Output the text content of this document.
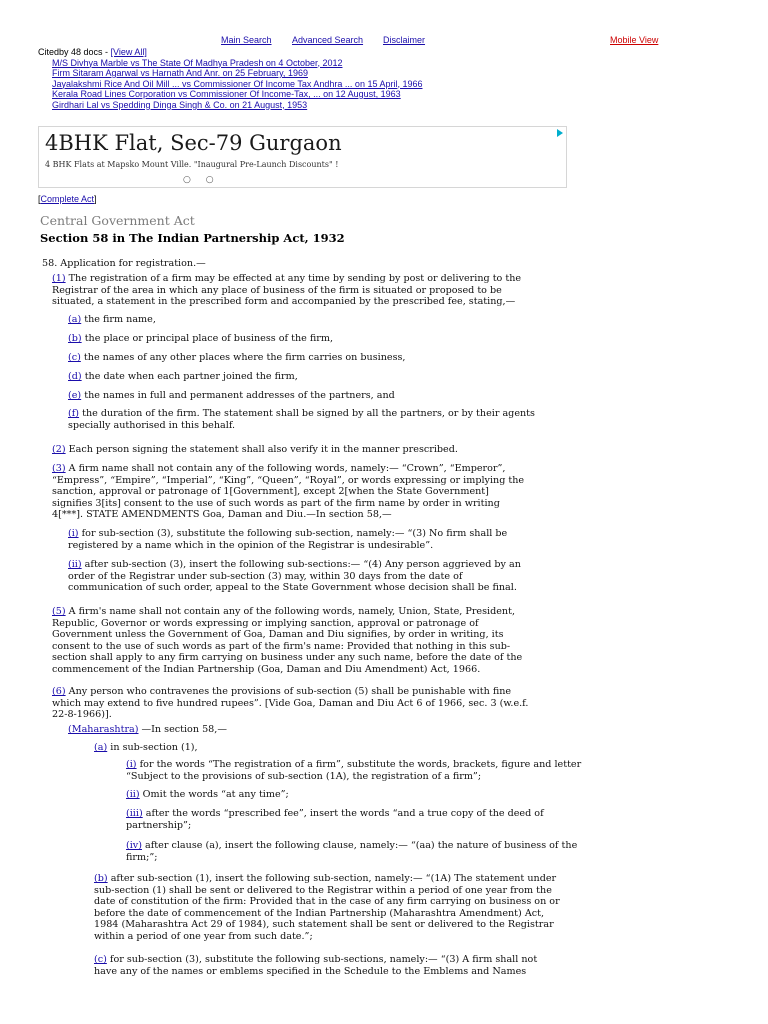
Main Search Advanced Search Disclaimer	Mobile View
Citedby 48 docs - [View All]
M/S Divhya Marble vs The State Of Madhya Pradesh on 4 October, 2012
Firm Sitaram Agarwal vs Harnath And Anr. on 25 February, 1969
Jayalakshmi Rice And Oil Mill ... vs Commissioner Of Income Tax Andhra ... on 15 April, 1966
Kerala Road Lines Corporation vs Commissioner Of Income-Tax, ... on 12 August, 1963
Girdhari Lal vs Spedding Dinga Singh & Co. on 21 August, 1953
4BHK Flat, Sec-79 Gurgaon
4 BHK Flats at Mapsko Mount Ville. "Inaugural Pre-Launch Discounts" !
○ ○
[Complete Act]
Central Government Act
Section 58 in The Indian Partnership Act, 1932
58. Application for registration.—
(1) The registration of a firm may be effected at any time by sending by post or delivering to the
Registrar of the area in which any place of business of the firm is situated or proposed to be
situated, a statement in the prescribed form and accompanied by the prescribed fee, stating,—
(a) the firm name,
(b) the place or principal place of business of the firm,
(c) the names of any other places where the firm carries on business,
(d) the date when each partner joined the firm,
(e) the names in full and permanent addresses of the partners, and
(f) the duration of the firm. The statement shall be signed by all the partners, or by their agents
specially authorised in this behalf.
(2) Each person signing the statement shall also verify it in the manner prescribed.
(3) A firm name shall not contain any of the following words, namely:— “Crown”, “Emperor”,
“Empress”, “Empire”, “Imperial”, “King”, “Queen”, “Royal”, or words expressing or implying the
sanction, approval or patronage of 1[Government], except 2[when the State Government]
signifies 3[its] consent to the use of such words as part of the firm name by order in writing
4[***]. STATE AMENDMENTS Goa, Daman and Diu.—In section 58,—
(i) for sub-section (3), substitute the following sub-section, namely:— “(3) No firm shall be
registered by a name which in the opinion of the Registrar is undesirable”.
(ii) after sub-section (3), insert the following sub-sections:— “(4) Any person aggrieved by an
order of the Registrar under sub-section (3) may, within 30 days from the date of
communication of such order, appeal to the State Government whose decision shall be final.
(5) A firm's name shall not contain any of the following words, namely, Union, State, President,
Republic, Governor or words expressing or implying sanction, approval or patronage of
Government unless the Government of Goa, Daman and Diu signifies, by order in writing, its
consent to the use of such words as part of the firm's name: Provided that nothing in this sub-
section shall apply to any firm carrying on business under any such name, before the date of the
commencement of the Indian Partnership (Goa, Daman and Diu Amendment) Act, 1966.
(6) Any person who contravenes the provisions of sub-section (5) shall be punishable with fine
which may extend to five hundred rupees”. [Vide Goa, Daman and Diu Act 6 of 1966, sec. 3 (w.e.f.
22-8-1966)].
(Maharashtra) —In section 58,—
(a) in sub-section (1),
(i) for the words “The registration of a firm”, substitute the words, brackets, figure and letter
“Subject to the provisions of sub-section (1A), the registration of a firm”;
(ii) Omit the words “at any time”;
(iii) after the words “prescribed fee”, insert the words “and a true copy of the deed of
partnership”;
(iv) after clause (a), insert the following clause, namely:— “(aa) the nature of business of the
firm;”;
(b) after sub-section (1), insert the following sub-section, namely:— “(1A) The statement under
sub-section (1) shall be sent or delivered to the Registrar within a period of one year from the
date of constitution of the firm: Provided that in the case of any firm carrying on business on or
before the date of commencement of the Indian Partnership (Maharashtra Amendment) Act,
1984 (Maharashtra Act 29 of 1984), such statement shall be sent or delivered to the Registrar
within a period of one year from such date.”;
(c) for sub-section (3), substitute the following sub-sections, namely:— “(3) A firm shall not
have any of the names or emblems specified in the Schedule to the Emblems and Names
